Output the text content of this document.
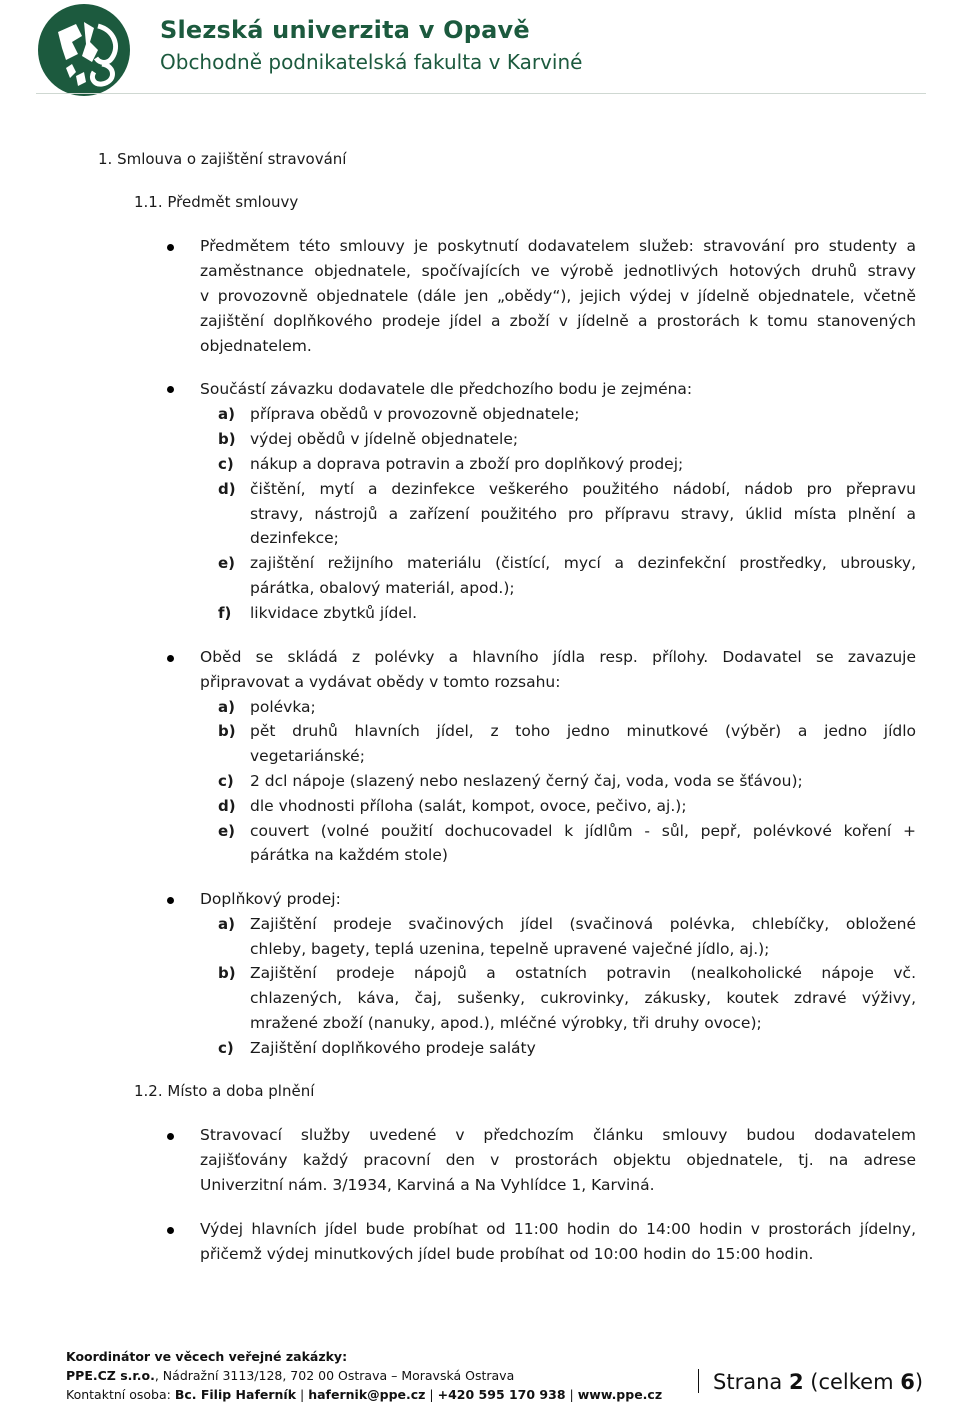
Slezská univerzita v Opavě
Obchodně podnikatelská fakulta v Karviné
1. Smlouva o zajištění stravování
1.1. Předmět smlouvy
Předmětem této smlouvy je poskytnutí dodavatelem služeb: stravování pro studenty a
zaměstnance objednatele, spočívajících ve výrobě jednotlivých hotových druhů stravy
v provozovně objednatele (dále jen „obědy“), jejich výdej v jídelně objednatele, včetně
zajištění doplňkového prodeje jídel a zboží v jídelně a prostorách k tomu stanovených
objednatelem.
Součástí závazku dodavatele dle předchozího bodu je zejména:
a) příprava obědů v provozovně objednatele;
b) výdej obědů v jídelně objednatele;
c) nákup a doprava potravin a zboží pro doplňkový prodej;
d) čištění, mytí a dezinfekce veškerého použitého nádobí, nádob pro přepravu
stravy, nástrojů a zařízení použitého pro přípravu stravy, úklid místa plnění a
dezinfekce;
e) zajištění režijního materiálu (čistící, mycí a dezinfekční prostředky, ubrousky,
párátka, obalový materiál, apod.);
f) likvidace zbytků jídel.
Oběd se skládá z polévky a hlavního jídla resp. přílohy. Dodavatel se zavazuje
připravovat a vydávat obědy v tomto rozsahu:
a) polévka;
b) pět druhů hlavních jídel, z toho jedno minutkové (výběr) a jedno jídlo
vegetariánské;
c) 2 dcl nápoje (slazený nebo neslazený černý čaj, voda, voda se šťávou);
d) dle vhodnosti příloha (salát, kompot, ovoce, pečivo, aj.);
e) couvert (volné použití dochucovadel k jídlům - sůl, pepř, polévkové koření +
párátka na každém stole)
Doplňkový prodej:
a) Zajištění prodeje svačinových jídel (svačinová polévka, chlebíčky, obložené
chleby, bagety, teplá uzenina, tepelně upravené vaječné jídlo, aj.);
b) Zajištění prodeje nápojů a ostatních potravin (nealkoholické nápoje vč.
chlazených, káva, čaj, sušenky, cukrovinky, zákusky, koutek zdravé výživy,
mražené zboží (nanuky, apod.), mléčné výrobky, tři druhy ovoce);
c) Zajištění doplňkového prodeje saláty
1.2. Místo a doba plnění
Stravovací služby uvedené v předchozím článku smlouvy budou dodavatelem
zajišťovány každý pracovní den v prostorách objektu objednatele, tj. na adrese
Univerzitní nám. 3/1934, Karviná a Na Vyhlídce 1, Karviná.
Výdej hlavních jídel bude probíhat od 11:00 hodin do 14:00 hodin v prostorách jídelny,
přičemž výdej minutkových jídel bude probíhat od 10:00 hodin do 15:00 hodin.
Koordinátor ve věcech veřejné zakázky:
PPE.CZ s.r.o., Nádražní 3113/128, 702 00 Ostrava – Moravská Ostrava
Kontaktní osoba: Bc. Filip Haferník | hafernik@ppe.cz | +420 595 170 938 | www.ppe.cz
Strana 2 (celkem 6)
